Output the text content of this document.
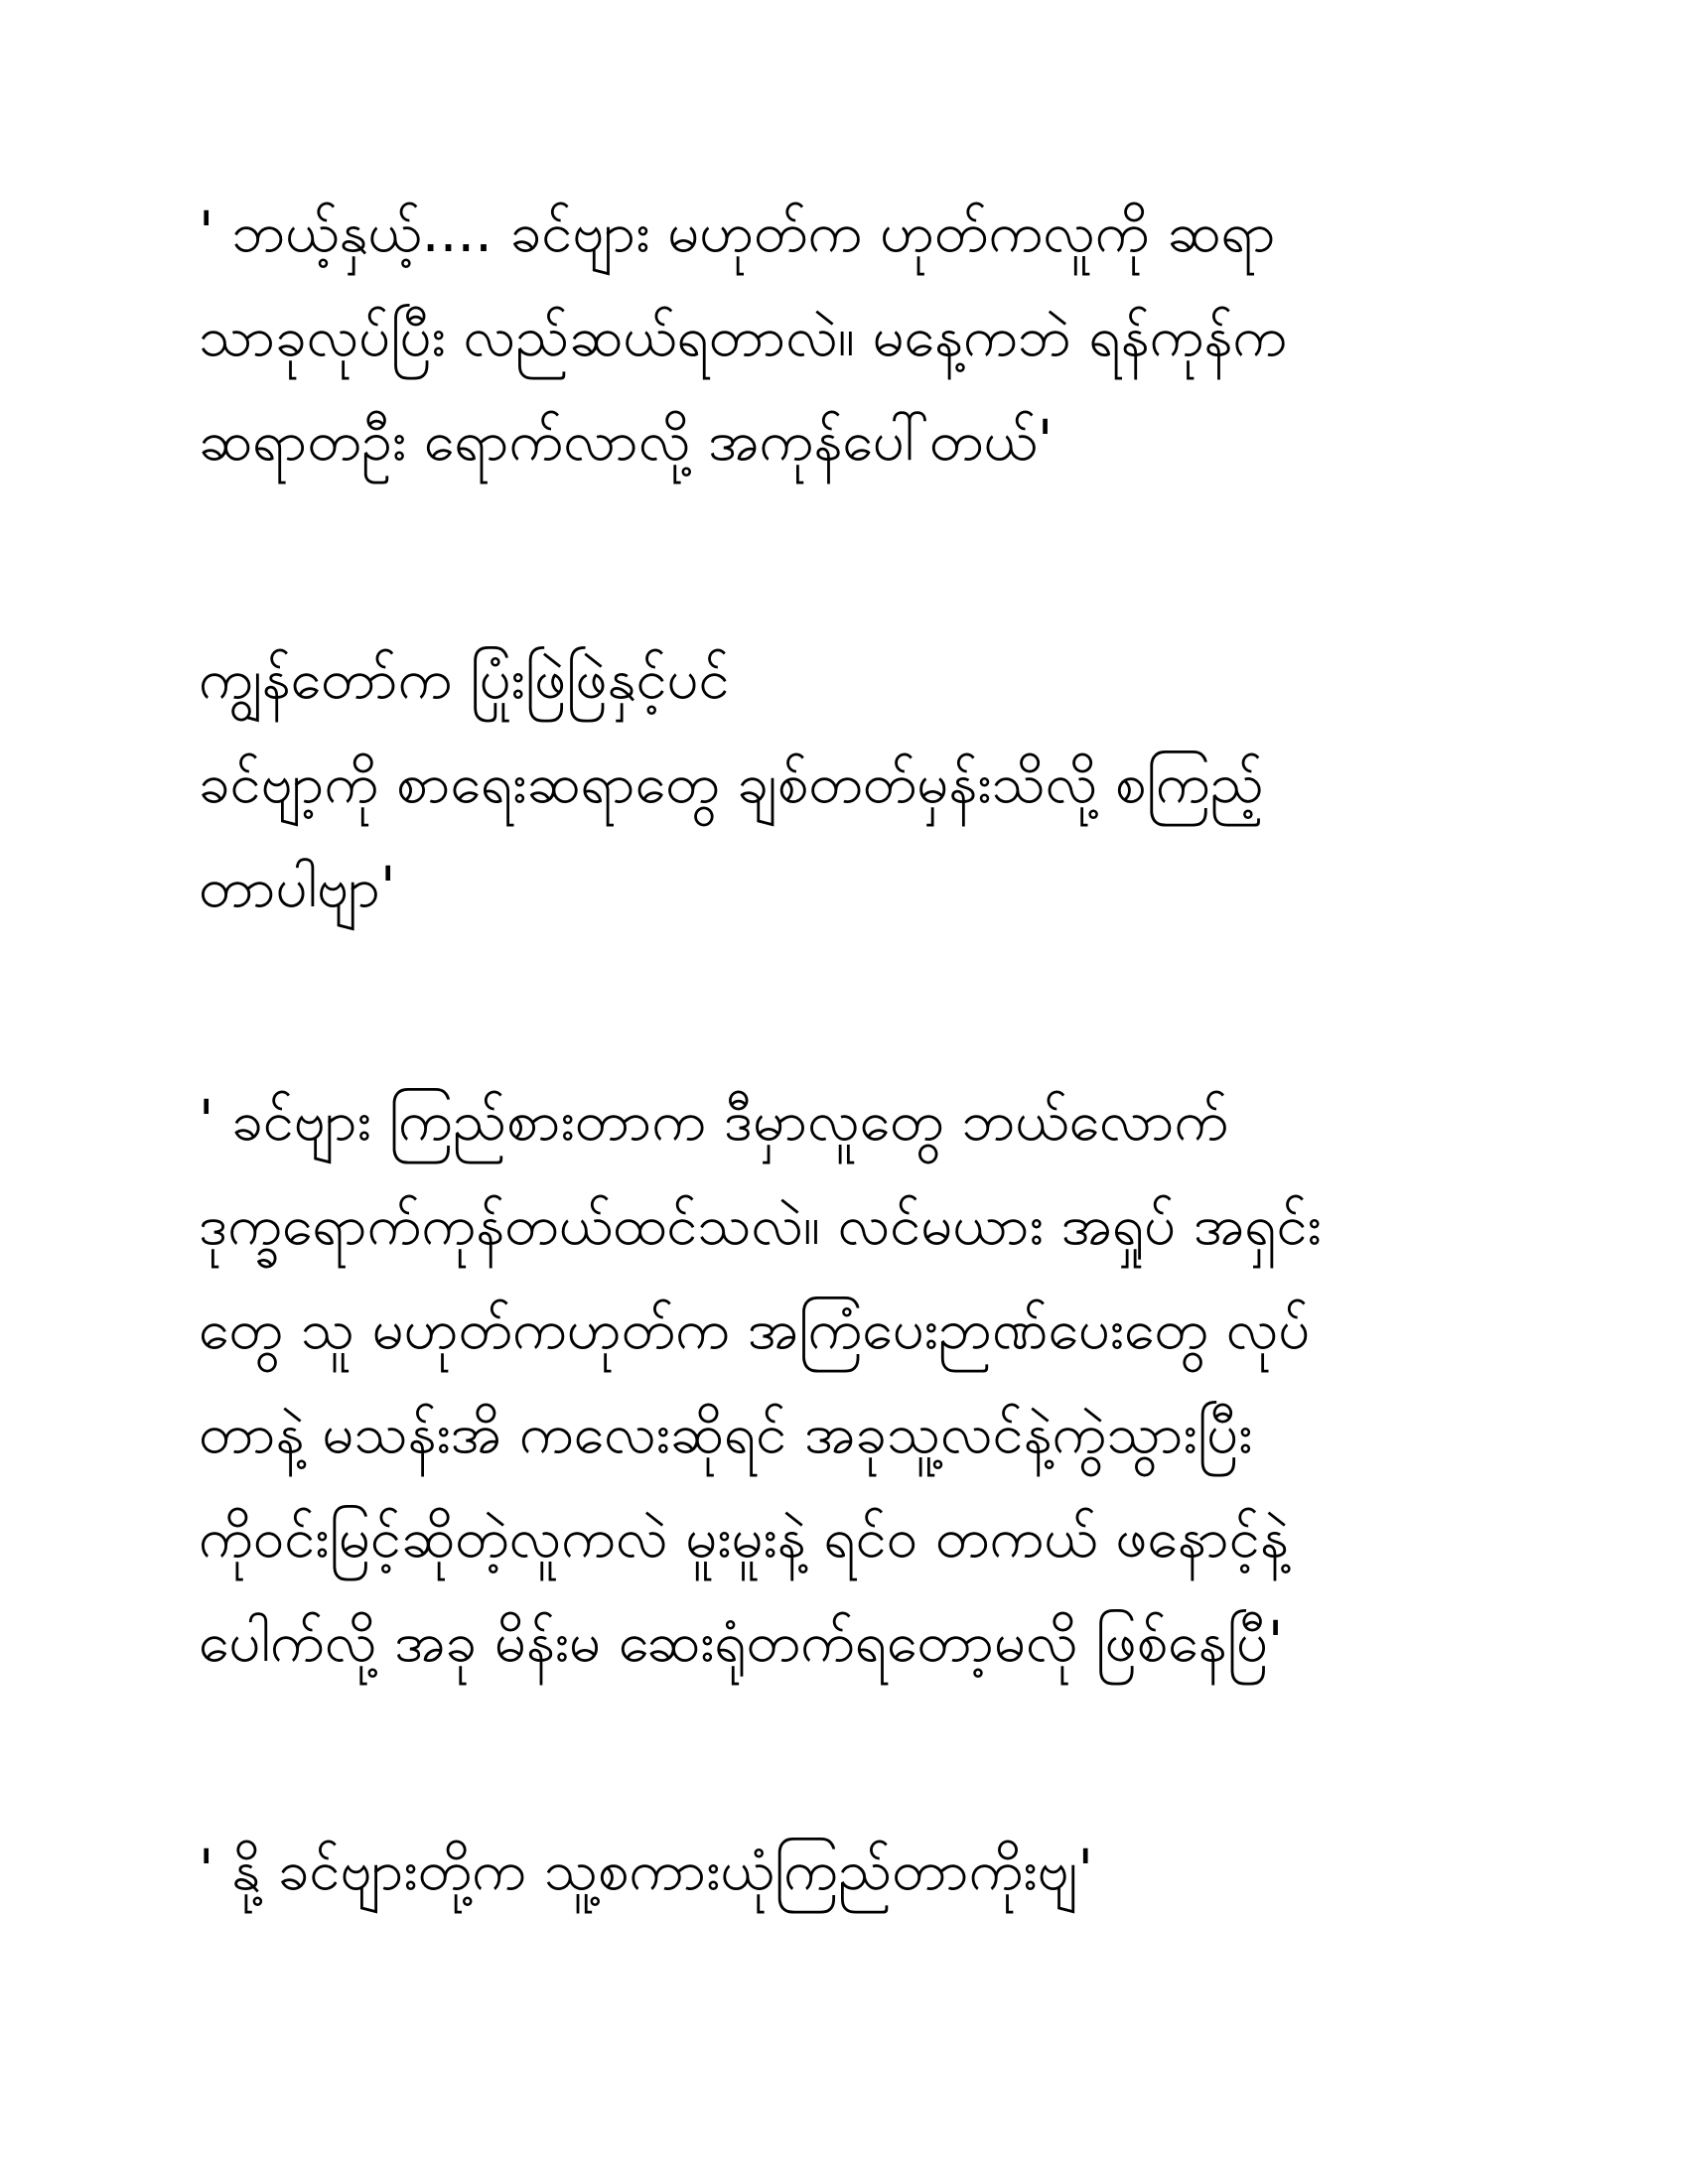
' ဘယ့်နှယ့်.... ခင်ဗျား မဟုတ်က ဟုတ်ကလူကို ဆရာ
သာခုလုပ်ပြီး လည်ဆယ်ရတာလဲ။ မနေ့ကဘဲ ရန်ကုန်က
ဆရာတဦး ရောက်လာလို့ အကုန်ပေါ်တယ်'
ကျွန်တော်က ပြုံးဖြဲဖြဲနှင့်ပင်
ခင်ဗျာ့ကို စာရေးဆရာတွေ ချစ်တတ်မှန်းသိလို့ စကြည့်
တာပါဗျာ'
' ခင်ဗျား ကြည်စားတာက ဒီမှာလူတွေ ဘယ်လောက်
ဒုက္ခရောက်ကုန်တယ်ထင်သလဲ။ လင်မယား အရှုပ် အရှင်း
တွေ သူ မဟုတ်ကဟုတ်က အကြံပေးဉာဏ်ပေးတွေ လုပ်
တာနဲ့ မသန်းအိ ကလေးဆိုရင် အခုသူ့လင်နဲ့ကွဲသွားပြီး
ကိုဝင်းမြင့်ဆိုတဲ့လူကလဲ မူးမူးနဲ့ ရင်ဝ တကယ် ဖနောင့်နဲ့
ပေါက်လို့ အခု မိန်းမ ဆေးရုံတက်ရတော့မလို ဖြစ်နေပြီ'
' နို့ ခင်ဗျားတို့က သူ့စကားယုံကြည်တာကိုးဗျ'
